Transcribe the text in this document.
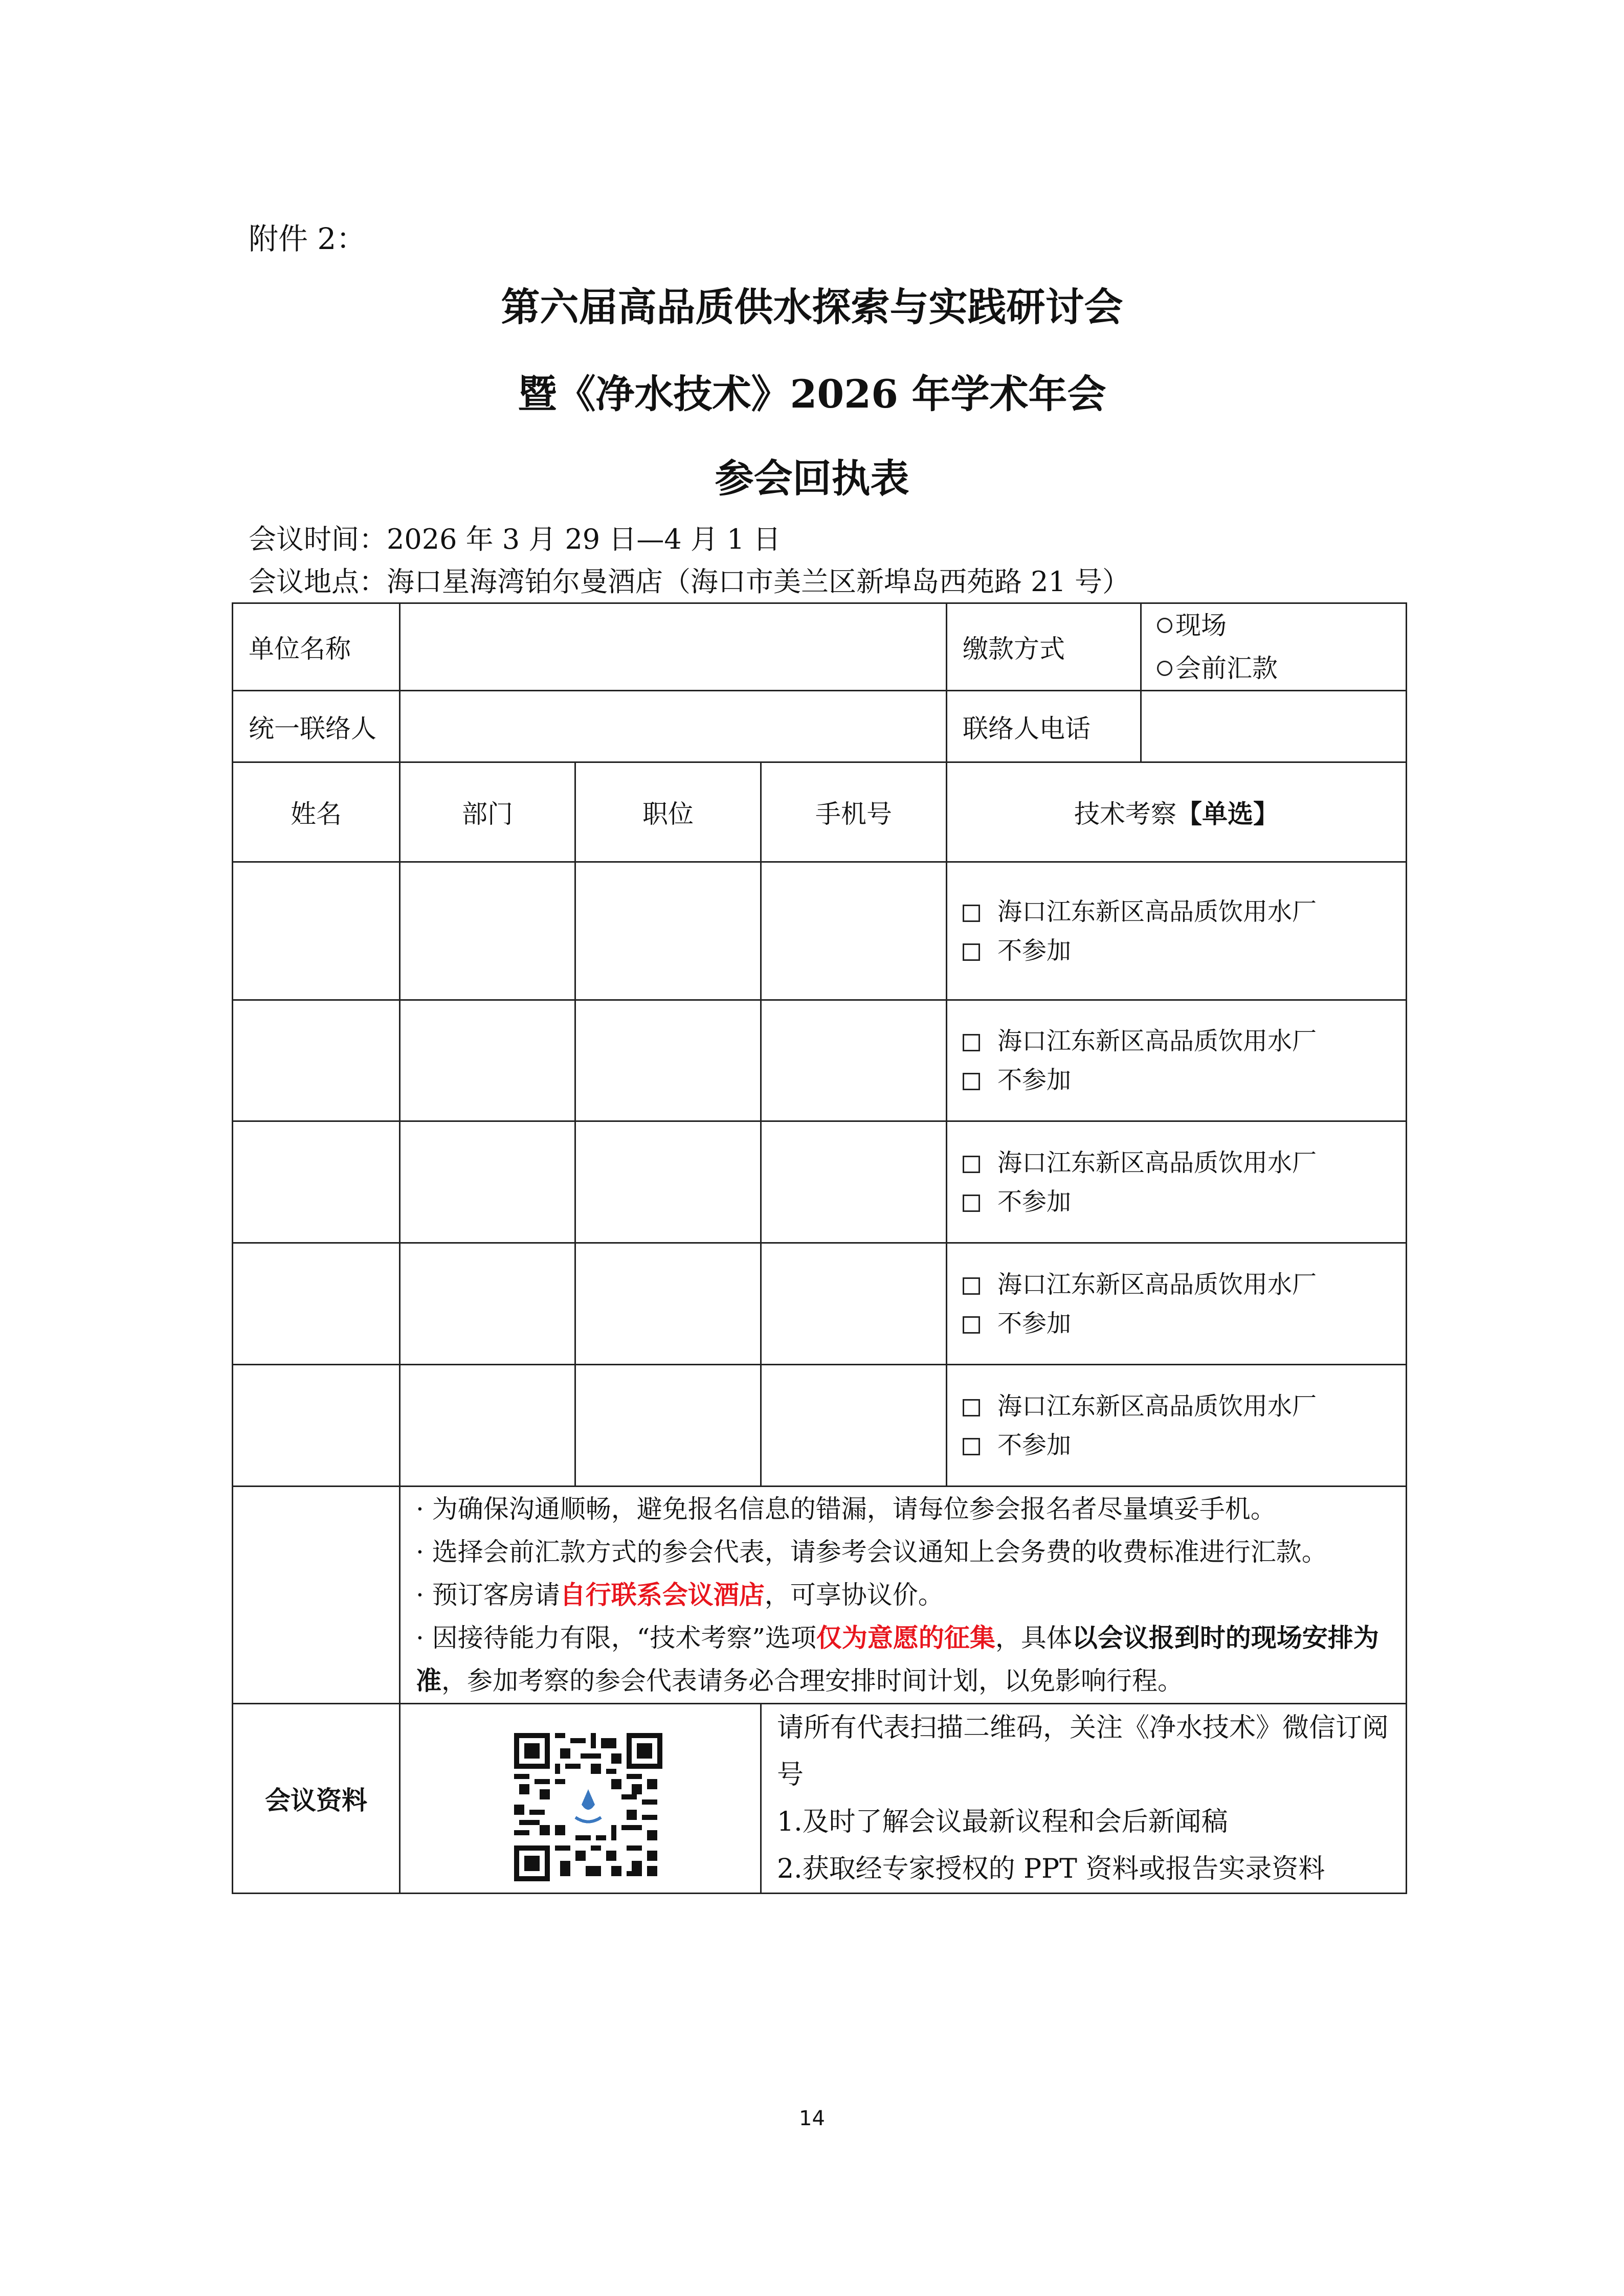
附件 2：
第六届高品质供水探索与实践研讨会
暨《净水技术》2026 年学术年会
参会回执表
会议时间：2026 年 3 月 29 日—4 月 1 日
会议地点：海口星海湾铂尔曼酒店（海口市美兰区新埠岛西苑路 21 号）
单位名称				缴款方式	现场
会前汇款

统一联络人				联络人电话	
姓名	部门	职位	手机号	技术考察【单选】	

				海口江东新区高品质饮用水厂
不参加	

				海口江东新区高品质饮用水厂
不参加	

				海口江东新区高品质饮用水厂
不参加	

				海口江东新区高品质饮用水厂
不参加	

				海口江东新区高品质饮用水厂
不参加	

	· 为确保沟通顺畅，避免报名信息的错漏，请每位参会报名者尽量填妥手机。
· 选择会前汇款方式的参会代表，请参考会议通知上会务费的收费标准进行汇款。
· 预订客房请自行联系会议酒店，可享协议价。
· 因接待能力有限，“技术考察”选项仅为意愿的征集，具体以会议报到时的现场安排为准，参加考察的参会代表请务必合理安排时间计划，以免影响行程。				

会议资料			请所有代表扫描二维码，关注《净水技术》微信订阅号
1.及时了解会议最新议程和会后新闻稿
2.获取经专家授权的 PPT 资料或报告实录资料		
14
